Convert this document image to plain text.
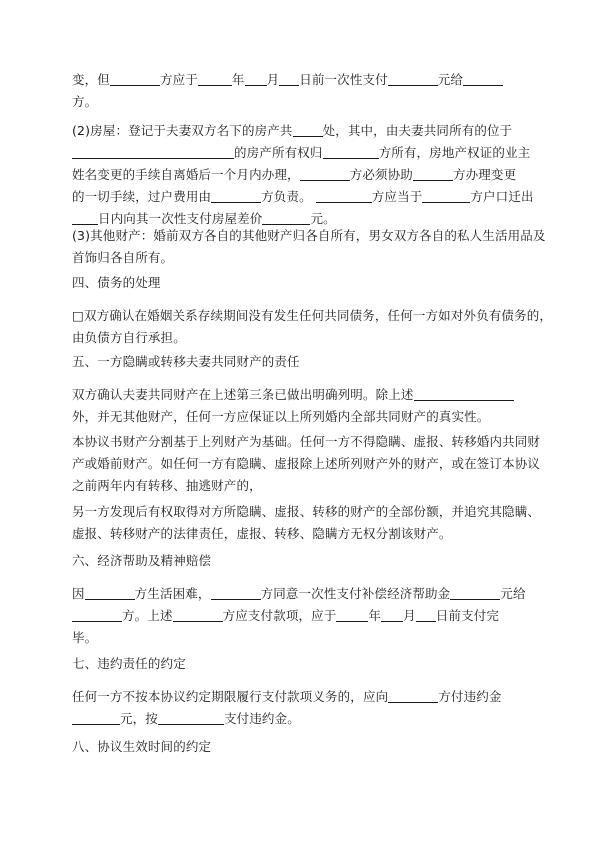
变，但	方应于	年 月 日前一次性支付	元给
方。
(2)房屋：登记于夫妻双方名下的房产共 处，其中，由夫妻共同所有的位于
的房产所有权归	方所有，房地产权证的业主
姓名变更的手续自离婚后一个月内办理，	方必须协助	方办理变更
的一切手续，过户费用由	方负责。	方应当于	方户口迁出
日内向其一次性支付房屋差价	元。
(3)其他财产：婚前双方各自的其他财产归各自所有，男女双方各自的私人生活用品及
首饰归各自所有。
四、债务的处理
□双方确认在婚姻关系存续期间没有发生任何共同债务，任何一方如对外负有债务的，
由负债方自行承担。
五、一方隐瞒或转移夫妻共同财产的责任
双方确认夫妻共同财产在上述第三条已做出明确列明。除上述
外，并无其他财产，任何一方应保证以上所列婚内全部共同财产的真实性。
本协议书财产分割基于上列财产为基础。任何一方不得隐瞒、虚报、转移婚内共同财
产或婚前财产。如任何一方有隐瞒、虚报除上述所列财产外的财产，或在签订本协议
之前两年内有转移、抽逃财产的，
另一方发现后有权取得对方所隐瞒、虚报、转移的财产的全部份额，并追究其隐瞒、
虚报、转移财产的法律责任，虚报、转移、隐瞒方无权分割该财产。
六、经济帮助及精神赔偿
因	方生活困难，	方同意一次性支付补偿经济帮助金	元给
方。上述	方应支付款项，应于	年 月 日前支付完
毕。
七、违约责任的约定
任何一方不按本协议约定期限履行支付款项义务的，应向	方付违约金
元，按	支付违约金。
八、协议生效时间的约定
